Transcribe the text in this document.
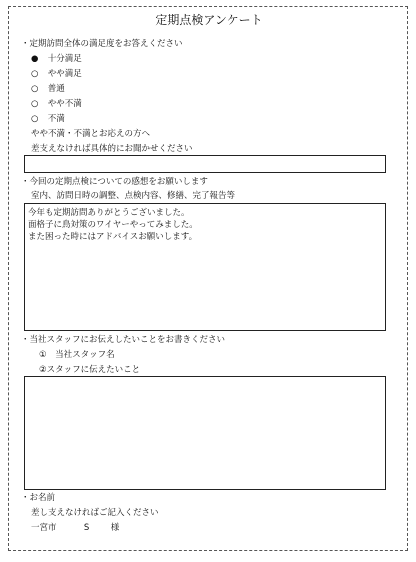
定期点検アンケート
・定期訪問全体の満足度をお答えください
● 十分満足
○ やや満足
○ 普通
○ やや不満
○ 不満
やや不満・不満とお応えの方へ
差支えなければ具体的にお聞かせください
・今回の定期点検についての感想をお願いします
室内、訪問日時の調整、点検内容、修繕、完了報告等
今年も定期訪問ありがとうございました。
面格子に鳥対策のワイヤーやってみました。
また困った時にはアドバイスお願いします。
・当社スタッフにお伝えしたいことをお書きください
①　当社スタッフ名
②スタッフに伝えたいこと
・お名前
差し支えなければご記入ください
一宮市	S	様
